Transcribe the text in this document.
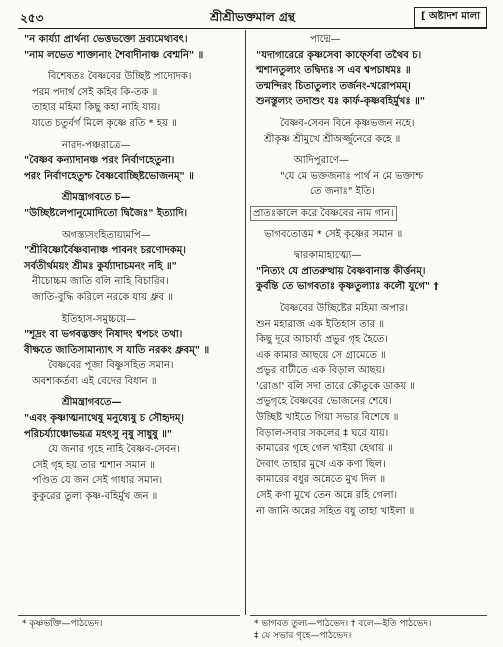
২৫৩	শ্রীশ্রীভক্তমাল গ্রন্থ	[ অষ্টাদশ মালা
"ন কার্য্যা প্রার্থনা ভেত্তভক্তো দ্রব্যমেথ্যবৎ।
"নাম লভেত শাক্তানাং শৈবাদীনাঞ্চ বেশ্মনি" ॥
বিশেষতঃ বৈষ্ণবের উচ্ছিষ্ট পাদোদক।
পরম পদার্থ সেই কহিব কি-তক ॥
তাহার মহিমা কিছু কহা নাহি যায়।
যাতে চতুর্বর্গ মিলে কৃষ্ণে রতি * হয় ॥
নারদ-পঞ্চরাত্রে—
"বৈষ্ণব কন্যাদানঞ্চ পরং নির্বাণহেতুনা।
পরং নির্বাণহেতুশ্চ বৈষ্ণবোচ্ছিষ্টভোজনম্" ॥
শ্রীমন্ত্রাগবতে চ—
"উচ্ছিষ্টলেপানুমোদিতো দ্বিজৈঃ" ইত্যাদি।
অগস্ত্যসংহিতায়ামপি—
"শ্রীবিষ্ণোর্বৈষ্ণবানাঞ্চ পাবনং চরণোদকম্।
সর্বতীর্থময়ং শ্রীমঃ কুর্য্যাদাচমনং নহি ॥"
নীচোচ্চম জাতি বলি নাহি বিচারিব।
জাতি-বুদ্ধি করিলে নরকে যায় ধ্রুব ॥
ইতিহাস-সমুচ্চয়ে—
"শূদ্রং বা ভগবদ্ভক্তং নিষাদং শ্বপচং তথা।
বীক্ষতে জাতিসামান্যাৎ স যাতি নরকং ধ্রুবম্" ॥
বৈষ্ণবের পূজা বিষ্ণুসহিত সমান।
অবশ্যকর্তব্য এই বেদের বিধান ॥
শ্রীমন্ত্রাগবতে—
"এবং কৃষ্ণাত্মনাথেষু মনুষ্যেষু চ সৌহৃদম্।
পরিচর্য্যাঞ্চোভয়ত্র মহৎসু নৃষু সাধুষু ॥"
যে জনার গৃহে নাহি বৈষ্ণব-সেবন।
সেই গৃহ হয় তার শ্মশান সমান ॥
পণ্ডিত যে জন সেই গাধার সমান।
কুকুরের তুল্য কৃষ্ণ-বহির্মুখ জন ॥
পাদ্মে—
"যদাগারেরে কৃষ্ণসেবা কার্ফ্সেবা তথৈব চ।
শ্মশানতুল্যং তদ্বিদ্যঃ স এব শ্বপচাধমঃ ॥
তন্মন্দিরং চিতাতুল্যং তর্জনং-খরোপমম্।
শুনস্তুল্যং তদাশুং যঃ কার্ফ-কৃষ্ণবহির্মুখঃ ॥"
বৈষ্ণব-সেবন বিনে কৃষ্ণভজন নহে।
শ্রীকৃষ্ণ শ্রীমুখে শ্রীঅর্জ্জুনেরে কহে ॥
আদিপুরাণে—
"যে মে ভক্তজনাঃ পার্থ ন মে ভক্তাশ্চ
তে জনাঃ" ইতি।
প্রাতঃকালে করে বৈষ্ণবের নাম গান।
ভাগবতোত্তম * সেই কৃষ্ণের সমান ॥
দ্বারকামাহাত্ম্যে—
"নিত্যং যে প্রাতরুত্থায় বৈষ্ণবানাস্ত কীর্ত্তনম্।
কুর্বন্তি তে ভাগবতাঃ কৃষ্ণতুল্যাঃ কলৌ যুগে" †
বৈষ্ণবের উচ্ছিষ্টের মহিমা অপার।
শুন মহারাজ এক ইতিহাস তার ॥
কিছু দূরে আচার্য্য প্রভুর গৃহ হৈতে।
এক কামার আছয়ে সে গ্রামেতে ॥
প্রভুর বাটীতে এক বিড়াল আছয়।
'রোঙা' বলি সদা তারে কৌতুকে ডাকয় ॥
প্রভুগৃহে বৈষ্ণবের ভোজনের শেষে।
উচ্ছিষ্ট খাইতে গিয়া সভার বিশেষে ॥
বিড়াল-সবার সকলের ‡ ঘরে যায়।
কামারের গৃহে গেল খাইয়া হেথায় ॥
দৈবাৎ তাহার মুখে এক কণা ছিল।
কামারের বধুর অন্নেতে মুখ দিল ॥
সেই কণা মুখে তেন অন্নে রহি গেলা।
না জানি অন্নের সহিত বধু তাহা খাইলা ॥
* কৃষ্ণভক্তি—পাঠভেদ।	* ভাগবত তুল্য—পাঠভেদ। † বলে—ইতি পাঠভেদ।
‡ যে সভার গৃহে—পাঠভেদ।
